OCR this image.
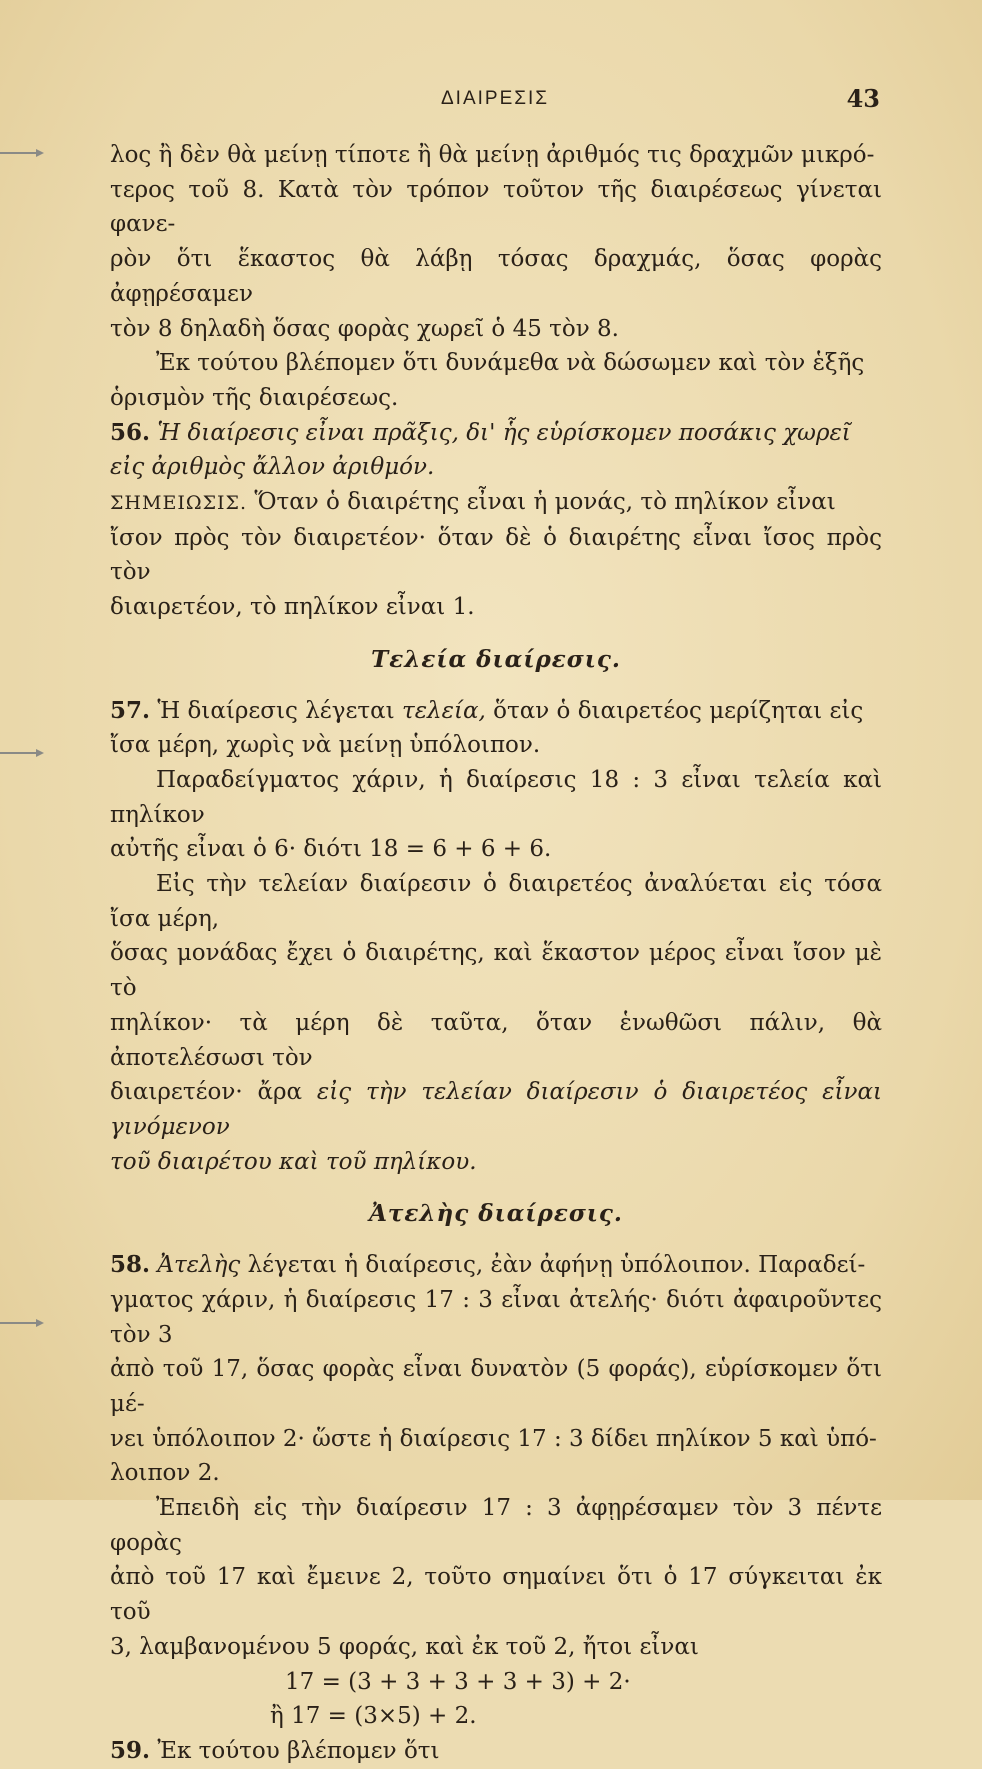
ΔΙΑΙΡΕΣΙΣ	43

λος ἢ δὲν θὰ μείνῃ τίποτε ἢ θὰ μείνῃ ἀριθμός τις δραχμῶν μικρό-

τερος τοῦ 8. Κατὰ τὸν τρόπον τοῦτον τῆς διαιρέσεως γίνεται φανε-

ρὸν ὅτι ἕκαστος θὰ λάβῃ τόσας δραχμάς, ὅσας φορὰς ἀφῃρέσαμεν

τὸν 8 δηλαδὴ ὅσας φορὰς χωρεῖ ὁ 45 τὸν 8.

Ἐκ τούτου βλέπομεν ὅτι δυνάμεθα νὰ δώσωμεν καὶ τὸν ἑξῆς

ὁρισμὸν τῆς διαιρέσεως.

56. Ἡ διαίρεσις εἶναι πρᾶξις, δι' ἧς εὑρίσκομεν ποσάκις χωρεῖ

εἰς ἀριθμὸς ἄλλον ἀριθμόν.

ΣΗΜΕΙΩΣΙΣ. Ὅταν ὁ διαιρέτης εἶναι ἡ μονάς, τὸ πηλίκον εἶναι

ἴσον πρὸς τὸν διαιρετέον· ὅταν δὲ ὁ διαιρέτης εἶναι ἴσος πρὸς τὸν

διαιρετέον, τὸ πηλίκον εἶναι 1.

Τελεία διαίρεσις.

57. Ἡ διαίρεσις λέγεται τελεία, ὅταν ὁ διαιρετέος μερίζηται εἰς

ἴσα μέρη, χωρὶς νὰ μείνῃ ὑπόλοιπον.

Παραδείγματος χάριν, ἡ διαίρεσις 18 : 3 εἶναι τελεία καὶ πηλίκον

αὐτῆς εἶναι ὁ 6· διότι 18 = 6 + 6 + 6.

Εἰς τὴν τελείαν διαίρεσιν ὁ διαιρετέος ἀναλύεται εἰς τόσα ἴσα μέρη,

ὅσας μονάδας ἔχει ὁ διαιρέτης, καὶ ἕκαστον μέρος εἶναι ἴσον μὲ τὸ

πηλίκον· τὰ μέρη δὲ ταῦτα, ὅταν ἑνωθῶσι πάλιν, θὰ ἀποτελέσωσι τὸν

διαιρετέον· ἄρα εἰς τὴν τελείαν διαίρεσιν ὁ διαιρετέος εἶναι γινόμενον

τοῦ διαιρέτου καὶ τοῦ πηλίκου.

Ἀτελὴς διαίρεσις.

58. Ἀτελὴς λέγεται ἡ διαίρεσις, ἐὰν ἀφήνῃ ὑπόλοιπον. Παραδεί-

γματος χάριν, ἡ διαίρεσις 17 : 3 εἶναι ἀτελής· διότι ἀφαιροῦντες τὸν 3

ἀπὸ τοῦ 17, ὅσας φορὰς εἶναι δυνατὸν (5 φοράς), εὑρίσκομεν ὅτι μέ-

νει ὑπόλοιπον 2· ὥστε ἡ διαίρεσις 17 : 3 δίδει πηλίκον 5 καὶ ὑπό-

λοιπον 2.

Ἐπειδὴ εἰς τὴν διαίρεσιν 17 : 3 ἀφῃρέσαμεν τὸν 3 πέντε φορὰς

ἀπὸ τοῦ 17 καὶ ἔμεινε 2, τοῦτο σημαίνει ὅτι ὁ 17 σύγκειται ἐκ τοῦ

3, λαμβανομένου 5 φοράς, καὶ ἐκ τοῦ 2, ἤτοι εἶναι

17 = (3 + 3 + 3 + 3 + 3) + 2·

ἢ 17 = (3×5) + 2.

59. Ἐκ τούτου βλέπομεν ὅτι
